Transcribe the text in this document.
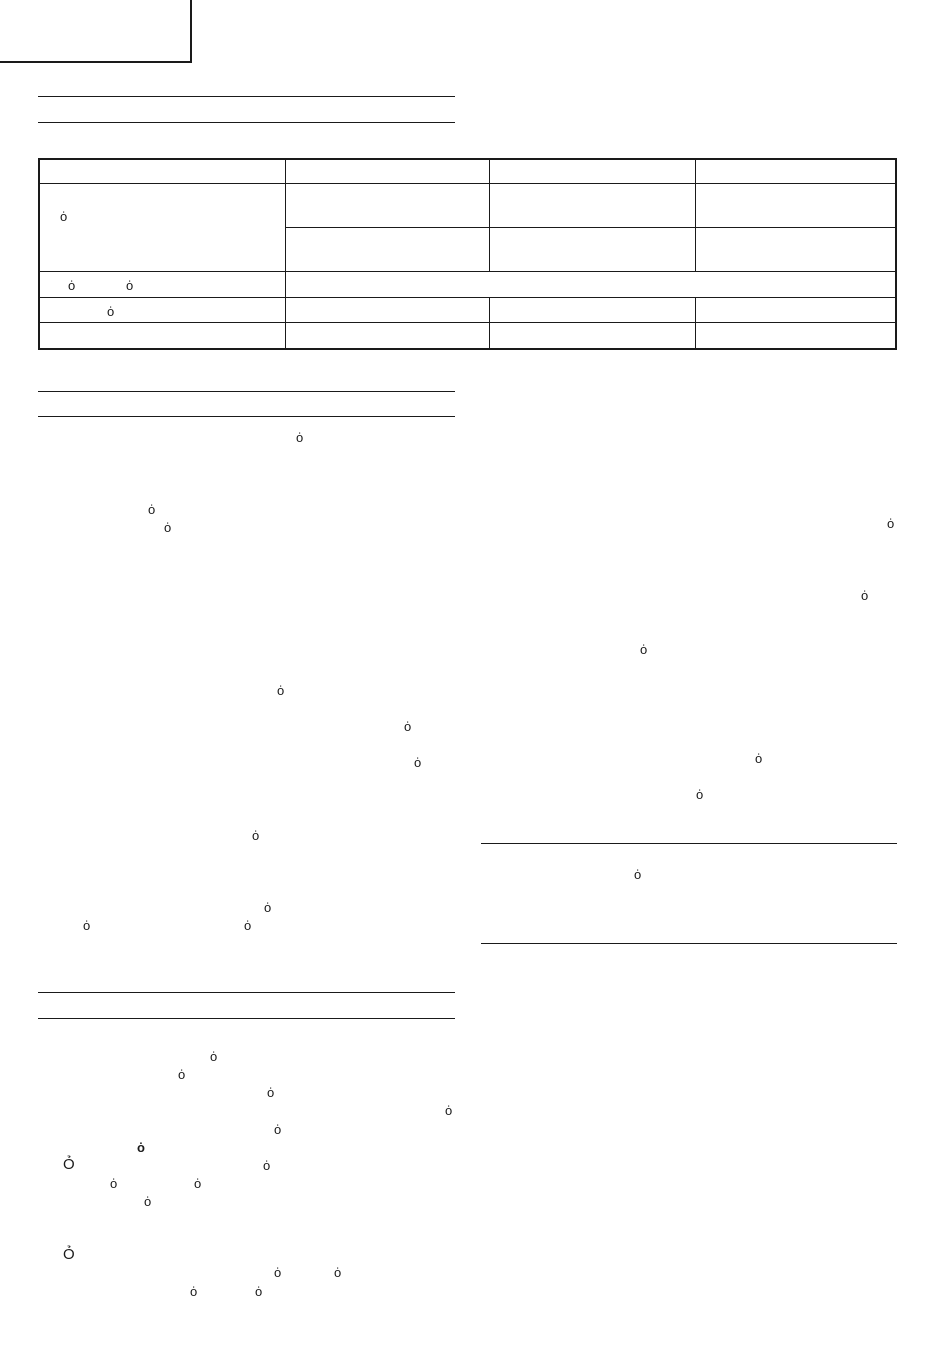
ȯ
ȯ	ȯ
ȯ
ȯ
ȯ
ȯ
ȯ
ȯ
ȯ
ȯ
ȯ
ȯ	ȯ
ȯ
ȯ
ȯ
ȯ
ȯ
ȯ
Ỏ	ȯ
ȯ	ȯ
ȯ
Ỏ
ȯ	ȯ
ȯ	ȯ
ȯ
ȯ
ȯ
ȯ
ȯ
ȯ
